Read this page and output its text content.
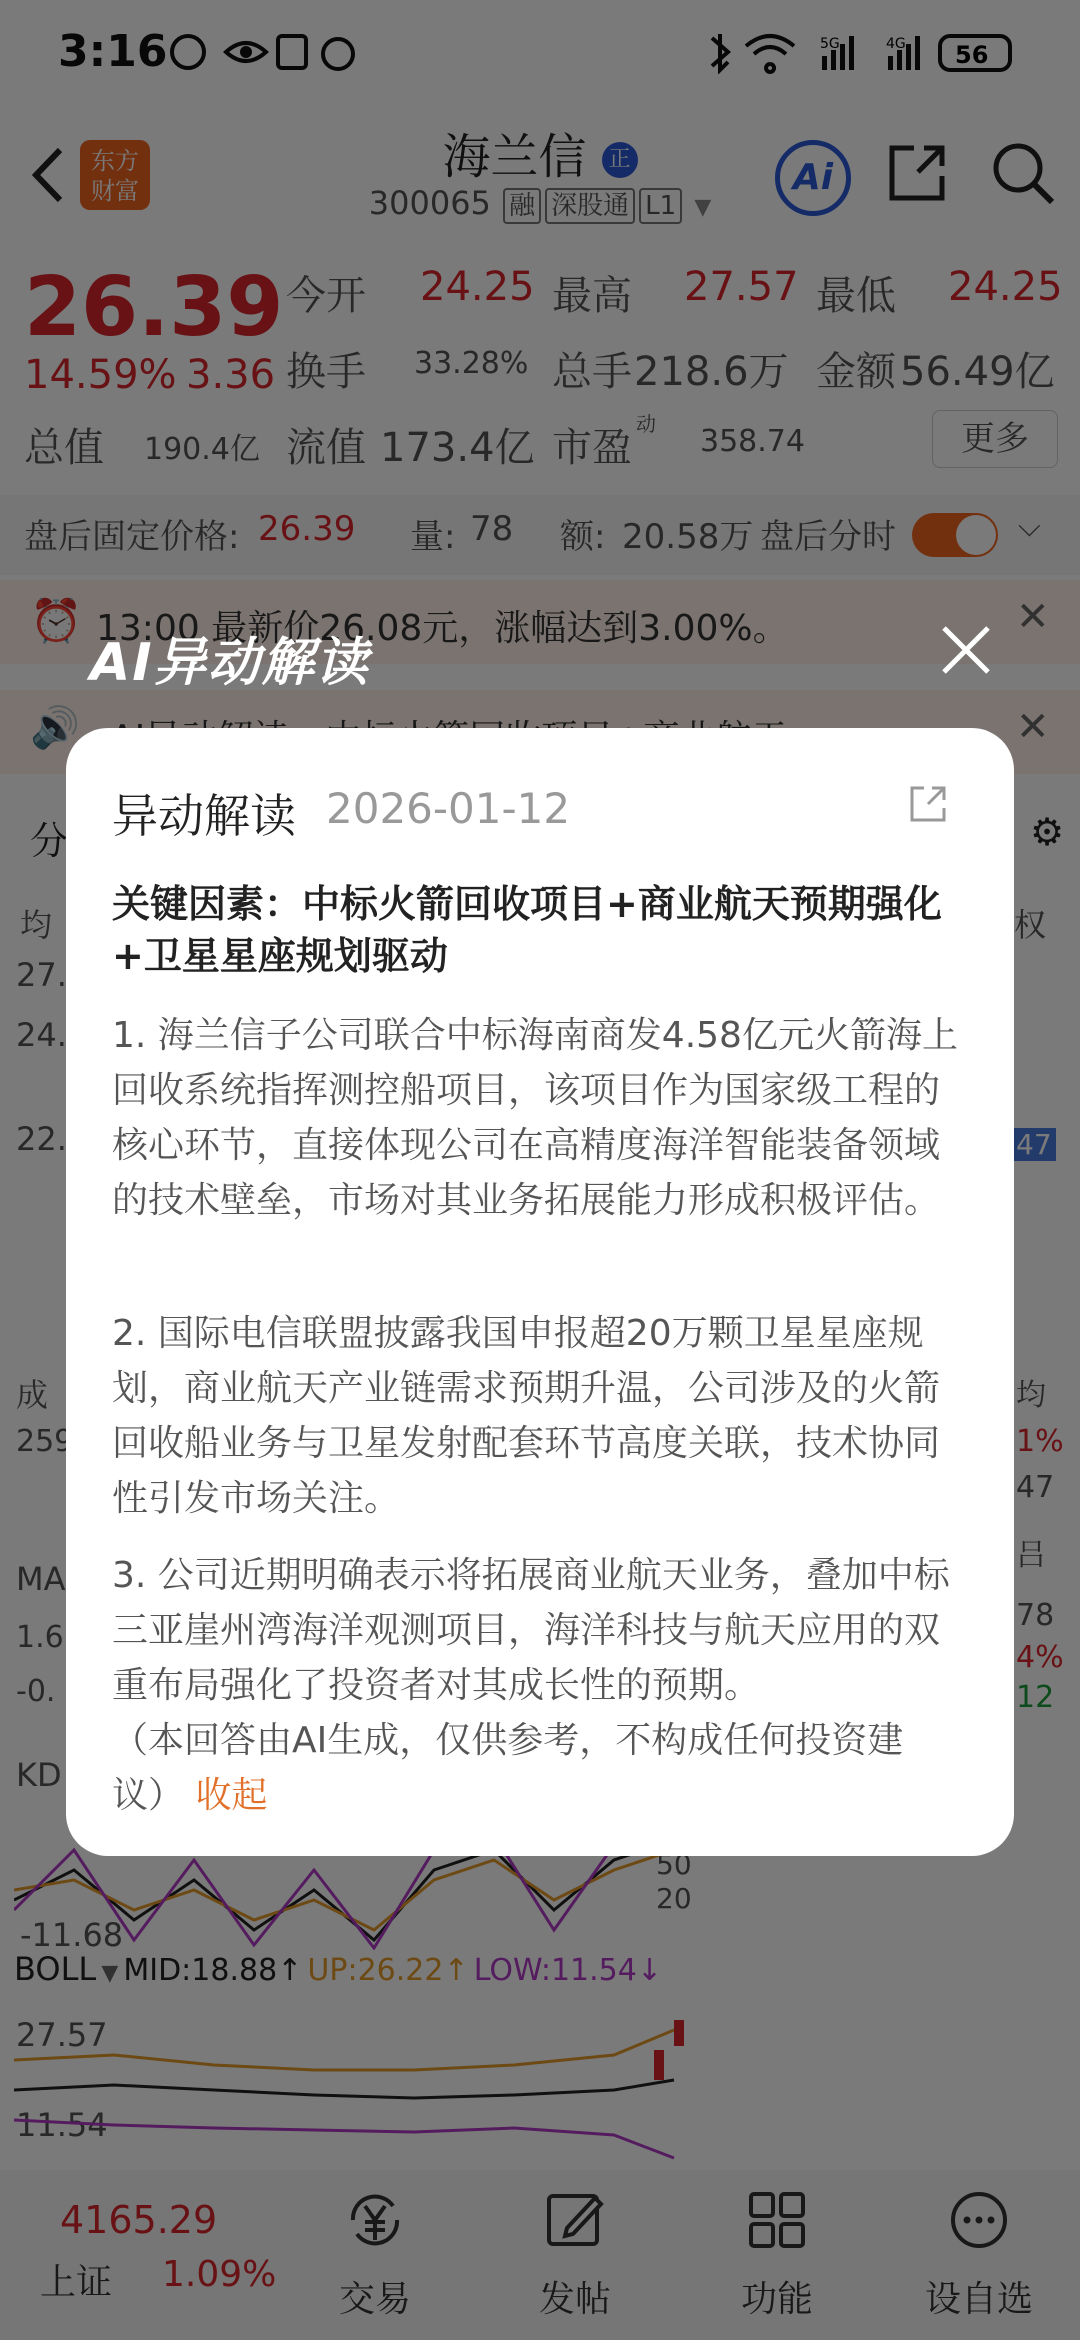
AI异动解读
异动解读 2026-01-12
关键因素：中标火箭回收项目+商业航天预期强化+卫星星座规划驱动
1. 海兰信子公司联合中标海南商发4.58亿元火箭海上回收系统指挥测控船项目，该项目作为国家级工程的核心环节，直接体现公司在高精度海洋智能装备领域的技术壁垒，市场对其业务拓展能力形成积极评估。
2. 国际电信联盟披露我国申报超20万颗卫星星座规划，商业航天产业链需求预期升温，公司涉及的火箭回收船业务与卫星发射配套环节高度关联，技术协同性引发市场关注。
3. 公司近期明确表示将拓展商业航天业务，叠加中标三亚崖州湾海洋观测项目，海洋科技与航天应用的双重布局强化了投资者对其成长性的预期。
（本回答由AI生成，仅供参考，不构成任何投资建议） 收起
